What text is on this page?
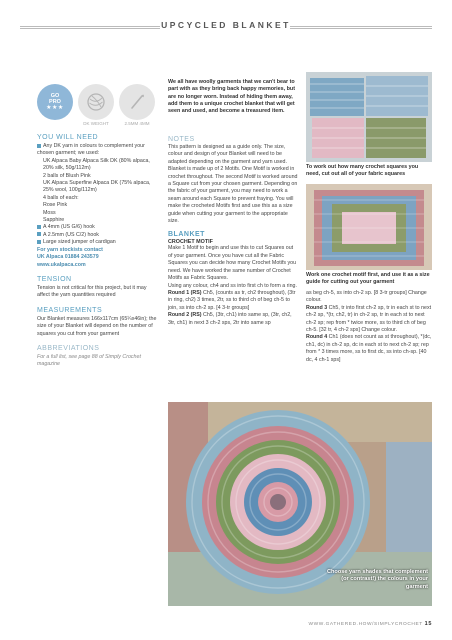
UPCYCLED BLANKET
GO
PRO
★★★
DK WEIGHT	2.5MM 4MM
YOU WILL NEED
Any DK yarn in colours to complement your chosen garment; we used:
UK Alpaca Baby Alpaca Silk DK (80% alpaca, 20% silk, 50g/112m)
2 balls of Blush Pink
UK Alpaca Superfine Alpaca DK (75% alpaca, 25% wool, 100g/112m)
4 balls of each:
Rose Pink
Moss
Sapphire
A 4mm (US G/6) hook
A 2.5mm (US C/2) hook
Large sized jumper of cardigan
For yarn stockists contact
UK Alpaca 01884 243579
www.ukalpaca.com
TENSION
Tension is not critical for this project, but it may affect the yarn quantities required
MEASUREMENTS
Our Blanket measures 166x117cm (65¼x46in); the size of your Blanket will depend on the number of squares you cut from your garment
ABBREVIATIONS
For a full list, see page 88 of Simply Crochet magazine
We all have woolly garments that we can't bear to part with as they bring back happy memories, but are no longer worn. Instead of hiding them away, add them to a unique crochet blanket that will get seen and used, and become a treasured item.
NOTES
This pattern is designed as a guide only. The size, colour and design of your Blanket will need to be adapted depending on the garment and yarn used.
Blanket is made up of 2 Motifs. One Motif is worked in crochet throughout. The second Motif is worked around a Square cut from your chosen garment. Depending on the fabric of your garment, you may need to work a seam around each Square to prevent fraying. You will make the crocheted Motifs first and use this as a size guide when cutting your garment to the appropriate size.
BLANKET
CROCHET MOTIF
Make 1 Motif to begin and use this to cut Squares out of your garment. Once you have cut all the Fabric Squares you can decide how many Crochet Motifs you need. We have worked the same number of Crochet Motifs as Fabric Squares.
Using any colour, ch4 and ss into first ch to form a ring.
Round 1 (RS) Ch5, (counts as tr, ch2 throughout), (3tr in ring, ch2) 3 times, 2tr, ss to third ch of beg ch-5 to join, ss into ch-2 sp. [4 3-tr groups]
Round 2 (RS) Ch5, (3tr, ch1) into same sp, (3tr, ch2, 3tr, ch1) in next 3 ch-2 sps, 2tr into same sp
To work out how many crochet squares you need, cut out all of your fabric squares
Work one crochet motif first, and use it as a size guide for cutting out your garment
as beg ch-5, ss into ch-2 sp. [8 3-tr groups] Change colour.
Round 3 Ch5, tr into first ch-2 sp, tr in each st to next ch-2 sp, *(tr, ch2, tr) in ch-2 sp, tr in each st to next ch-2 sp; rep from * twice more, ss to third ch of beg ch-5. [32 tr, 4 ch-2 sps] Change colour.
Round 4 Ch1 (does not count as st throughout), *(dc, ch1, dc) in ch-2 sp, dc in each st to next ch-2 sp; rep from * 3 times more, ss to first dc, ss into ch-sp. [40 dc, 4 ch-1 sps]
Choose yarn shades that complement (or contrast!) the colours in your garment
WWW.GATHERED.HOW/SIMPLYCROCHET 15
